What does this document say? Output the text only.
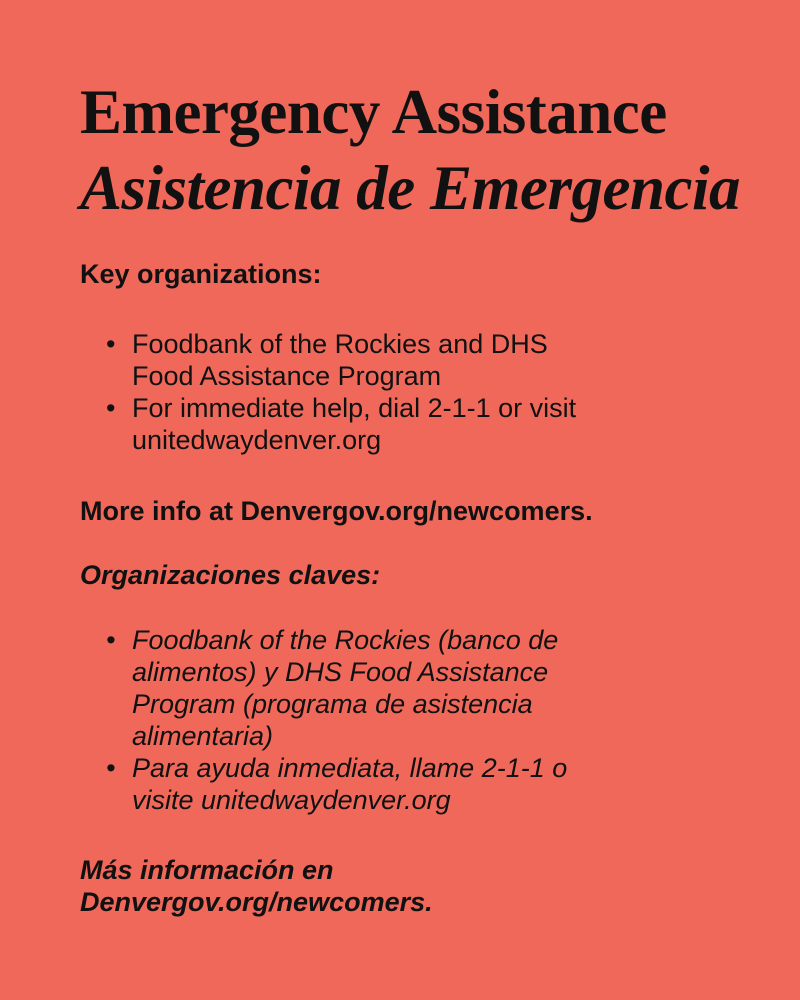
Emergency Assistance
Asistencia de Emergencia

Key organizations:

• Foodbank of the Rockies and DHS
Food Assistance Program
• For immediate help, dial 2-1-1 or visit
unitedwaydenver.org

More info at Denvergov.org/newcomers.

Organizaciones claves:

• Foodbank of the Rockies (banco de
alimentos) y DHS Food Assistance
Program (programa de asistencia
alimentaria)
• Para ayuda inmediata, llame 2-1-1 o
visite unitedwaydenver.org

Más información en
Denvergov.org/newcomers.
